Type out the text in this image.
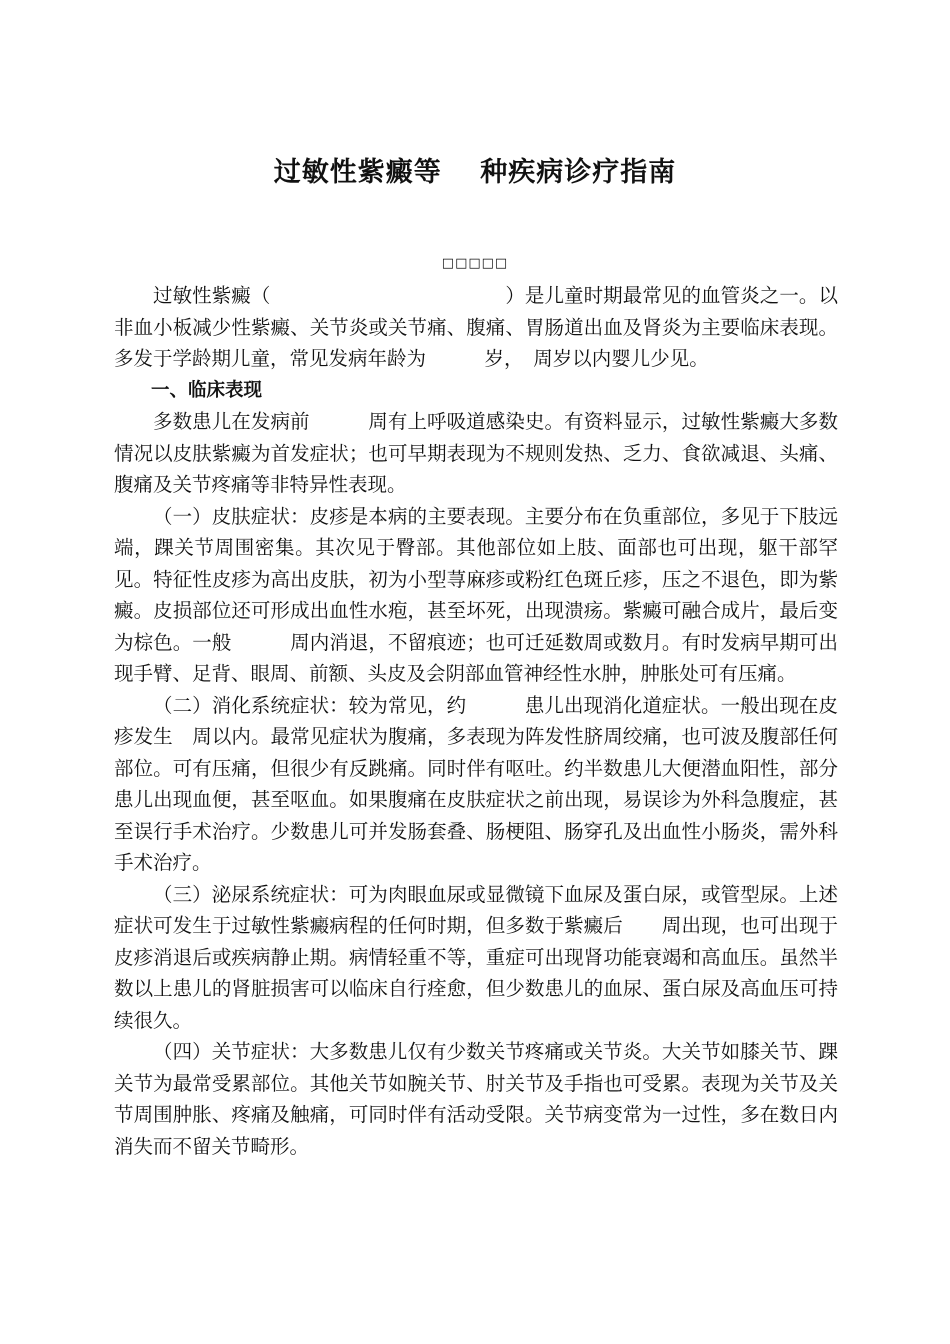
过敏性紫癜等　 种疾病诊疗指南
□□□□□

过敏性紫癜（　　　　　　　　　　　　）是儿童时期最常见的血管炎之一。以非血小板减少性紫癜、关节炎或关节痛、腹痛、胃肠道出血及肾炎为主要临床表现。多发于学龄期儿童，常见发病年龄为　　　岁，　周岁以内婴儿少见。

一、临床表现

多数患儿在发病前　　　周有上呼吸道感染史。有资料显示，过敏性紫癜大多数情况以皮肤紫癜为首发症状；也可早期表现为不规则发热、乏力、食欲减退、头痛、腹痛及关节疼痛等非特异性表现。

（一）皮肤症状：皮疹是本病的主要表现。主要分布在负重部位，多见于下肢远端，踝关节周围密集。其次见于臀部。其他部位如上肢、面部也可出现，躯干部罕见。特征性皮疹为高出皮肤，初为小型荨麻疹或粉红色斑丘疹，压之不退色，即为紫癜。皮损部位还可形成出血性水疱，甚至坏死，出现溃疡。紫癜可融合成片，最后变为棕色。一般　　　周内消退，不留痕迹；也可迁延数周或数月。有时发病早期可出现手臂、足背、眼周、前额、头皮及会阴部血管神经性水肿，肿胀处可有压痛。

（二）消化系统症状：较为常见，约　　　患儿出现消化道症状。一般出现在皮疹发生　周以内。最常见症状为腹痛，多表现为阵发性脐周绞痛，也可波及腹部任何部位。可有压痛，但很少有反跳痛。同时伴有呕吐。约半数患儿大便潜血阳性，部分患儿出现血便，甚至呕血。如果腹痛在皮肤症状之前出现，易误诊为外科急腹症，甚至误行手术治疗。少数患儿可并发肠套叠、肠梗阻、肠穿孔及出血性小肠炎，需外科手术治疗。

（三）泌尿系统症状：可为肉眼血尿或显微镜下血尿及蛋白尿，或管型尿。上述症状可发生于过敏性紫癜病程的任何时期，但多数于紫癜后　　周出现，也可出现于皮疹消退后或疾病静止期。病情轻重不等，重症可出现肾功能衰竭和高血压。虽然半数以上患儿的肾脏损害可以临床自行痊愈，但少数患儿的血尿、蛋白尿及高血压可持续很久。

（四）关节症状：大多数患儿仅有少数关节疼痛或关节炎。大关节如膝关节、踝关节为最常受累部位。其他关节如腕关节、肘关节及手指也可受累。表现为关节及关节周围肿胀、疼痛及触痛，可同时伴有活动受限。关节病变常为一过性，多在数日内消失而不留关节畸形。
